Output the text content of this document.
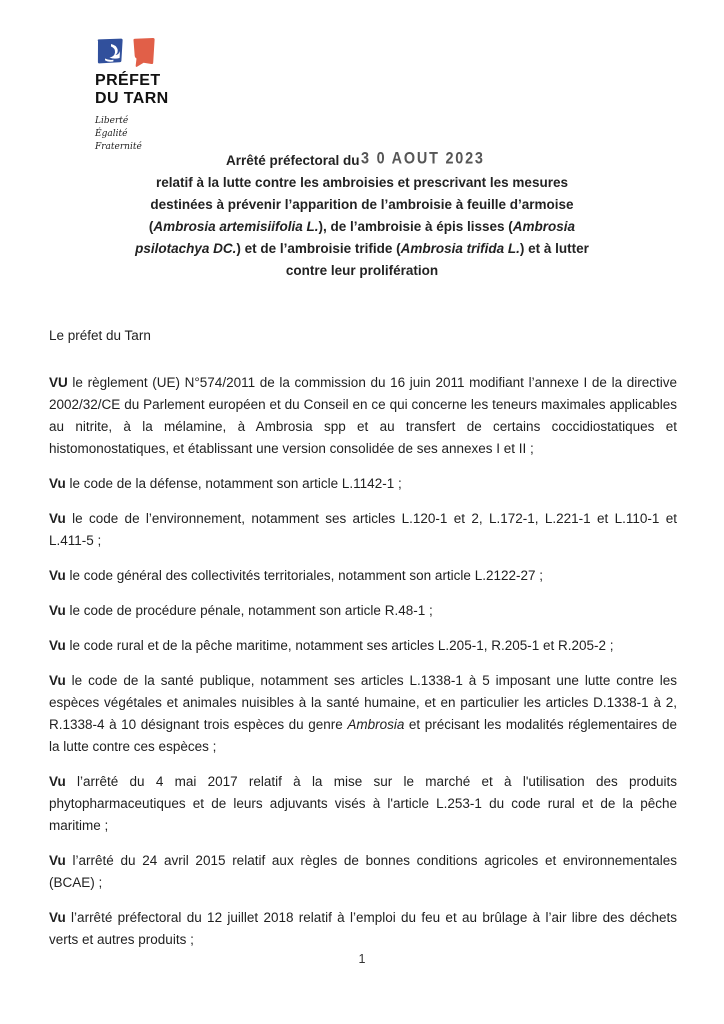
PRÉFET
DU TARN
Liberté
Égalité
Fraternité
Arrêté préfectoral du3 0 AOUT 2023
relatif à la lutte contre les ambroisies et prescrivant les mesures
destinées à prévenir l’apparition de l’ambroisie à feuille d’armoise
(Ambrosia artemisiifolia L.), de l’ambroisie à épis lisses (Ambrosia
psilotachya DC.) et de l’ambroisie trifide (Ambrosia trifida L.) et à lutter
contre leur prolifération

Le préfet du Tarn

VU le règlement (UE) N°574/2011 de la commission du 16 juin 2011 modifiant l’annexe I de la directive 2002/32/CE du Parlement européen et du Conseil en ce qui concerne les teneurs maximales applicables au nitrite, à la mélamine, à Ambrosia spp et au transfert de certains coccidiostatiques et histomonostatiques, et établissant une version consolidée de ses annexes I et II ;

Vu le code de la défense, notamment son article L.1142-1 ;

Vu le code de l’environnement, notamment ses articles L.120-1 et 2, L.172-1, L.221-1 et L.110-1 et L.411-5 ;

Vu le code général des collectivités territoriales, notamment son article L.2122-27 ;

Vu le code de procédure pénale, notamment son article R.48-1 ;

Vu le code rural et de la pêche maritime, notamment ses articles L.205-1, R.205-1 et R.205-2 ;

Vu le code de la santé publique, notamment ses articles L.1338-1 à 5 imposant une lutte contre les espèces végétales et animales nuisibles à la santé humaine, et en particulier les articles D.1338-1 à 2, R.1338-4 à 10 désignant trois espèces du genre Ambrosia et précisant les modalités réglementaires de la lutte contre ces espèces ;

Vu l’arrêté du 4 mai 2017 relatif à la mise sur le marché et à l'utilisation des produits phytopharmaceutiques et de leurs adjuvants visés à l'article L.253-1 du code rural et de la pêche maritime ;

Vu l’arrêté du 24 avril 2015 relatif aux règles de bonnes conditions agricoles et environnementales (BCAE) ;

Vu l’arrêté préfectoral du 12 juillet 2018 relatif à l’emploi du feu et au brûlage à l’air libre des déchets verts et autres produits ;

1
